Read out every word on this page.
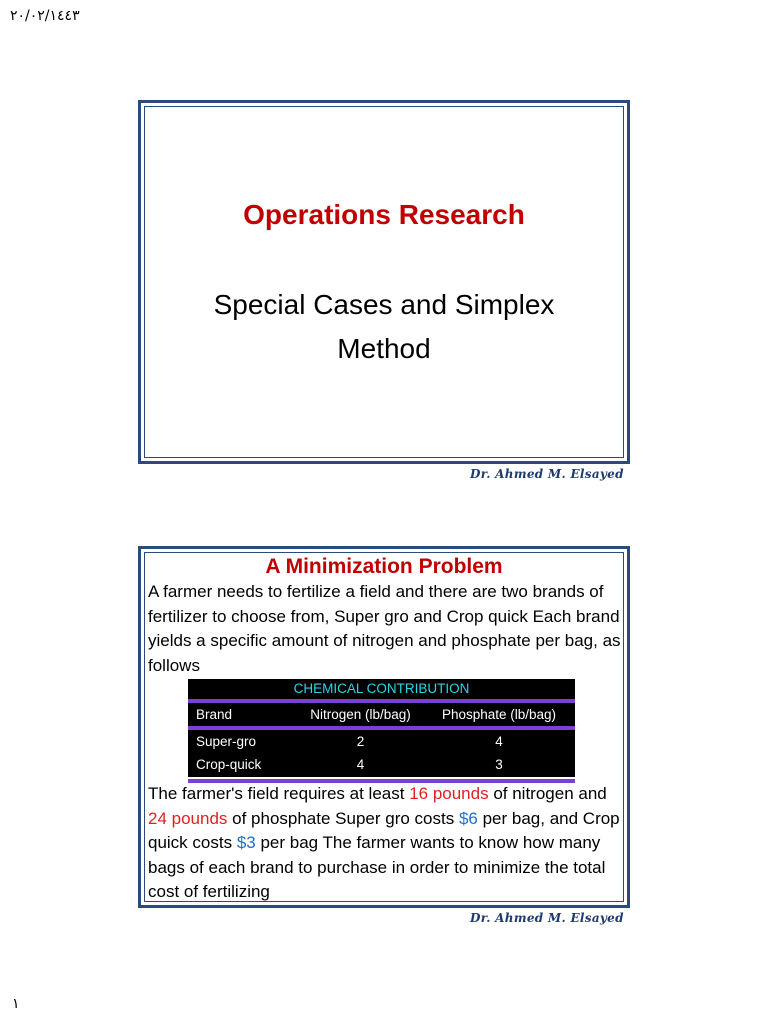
٢٠/٠٢/١٤٤٣
Operations Research
Special Cases and Simplex Method
Dr. Ahmed M. Elsayed
A Minimization Problem
A farmer needs to fertilize a field and there are two brands of fertilizer to choose from, Super gro and Crop quick Each brand yields a specific amount of nitrogen and phosphate per bag, as follows
CHEMICAL CONTRIBUTION
Brand	Nitrogen (lb/bag)	Phosphate (lb/bag)
Super-gro	2	4
Crop-quick	4	3
The farmer's field requires at least 16 pounds of nitrogen and 24 pounds of phosphate Super gro costs $6 per bag, and Crop quick costs $3 per bag The farmer wants to know how many bags of each brand to purchase in order to minimize the total cost of fertilizing
Dr. Ahmed M. Elsayed
١
